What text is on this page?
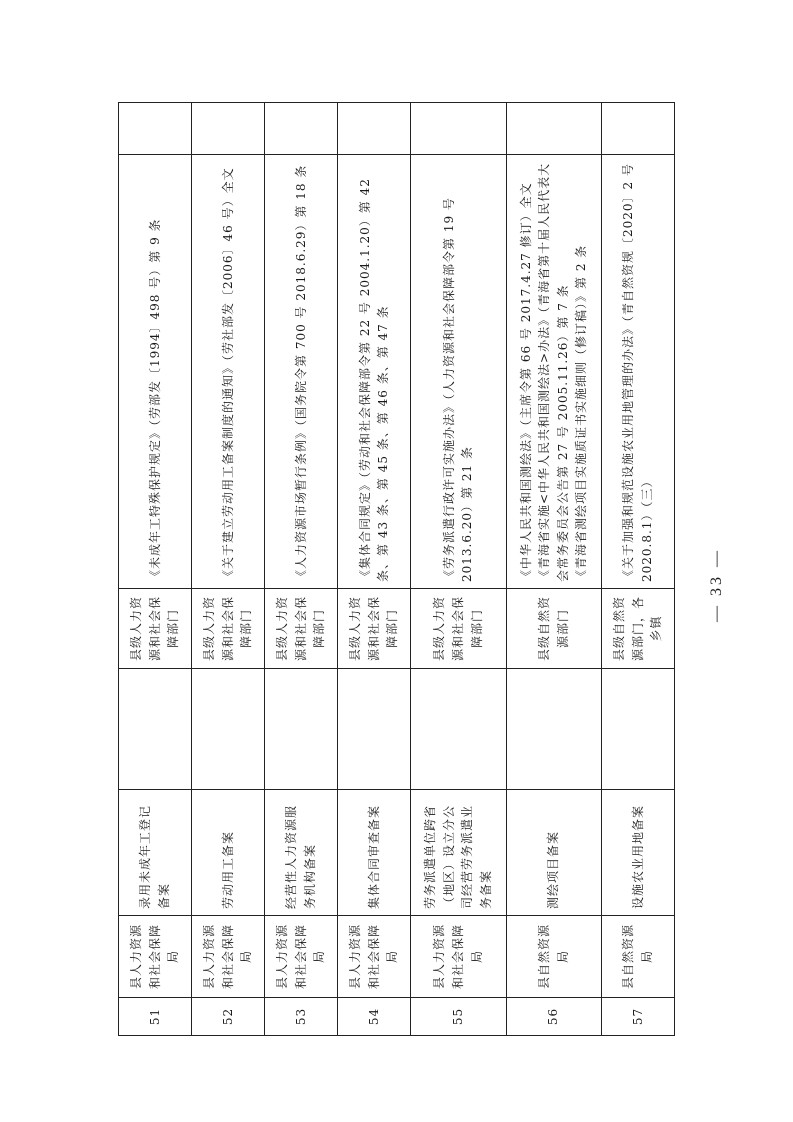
51	县人力资源和社会保障局	录用未成年工登记备案		县级人力资源和社会保障部门	《未成年工特殊保护规定》（劳部发〔1994〕498 号）第 9 条	
52	县人力资源和社会保障局	劳动用工备案		县级人力资源和社会保障部门	《关于建立劳动用工备案制度的通知》（劳社部发〔2006〕46 号）全文	
53	县人力资源和社会保障局	经营性人力资源服务机构备案		县级人力资源和社会保障部门	《人力资源市场暂行条例》（国务院令第 700 号 2018.6.29）第 18 条	
54	县人力资源和社会保障局	集体合同审查备案		县级人力资源和社会保障部门	《集体合同规定》（劳动和社会保障部令第 22 号 2004.1.20）第 42 条、第 43 条、第 45 条、第 46 条、第 47 条	
55	县人力资源和社会保障局	劳务派遣单位跨省（地区）设立分公司经营劳务派遣业务备案		县级人力资源和社会保障部门	《劳务派遣行政许可实施办法》（人力资源和社会保障部令第 19 号 2013.6.20）第 21 条	
56	县自然资源局	测绘项目备案		县级自然资源部门	《中华人民共和国测绘法》（主席令第 66 号 2017.4.27 修订）全文 《青海省实施<中华人民共和国测绘法>办法》（青海省第十届人民代表大会常务委员会公告第 27 号 2005.11.26）第 7 条 《青海省测绘项目实施质证书实施细则（修订稿）》第 2 条	

57	县自然资源局	设施农业用地备案		县级自然资源部门，各乡镇	《关于加强和规范设施农业用地管理的办法》（青自然资规〔2020〕2 号 2020.8.1）（三）	
— 33 —
